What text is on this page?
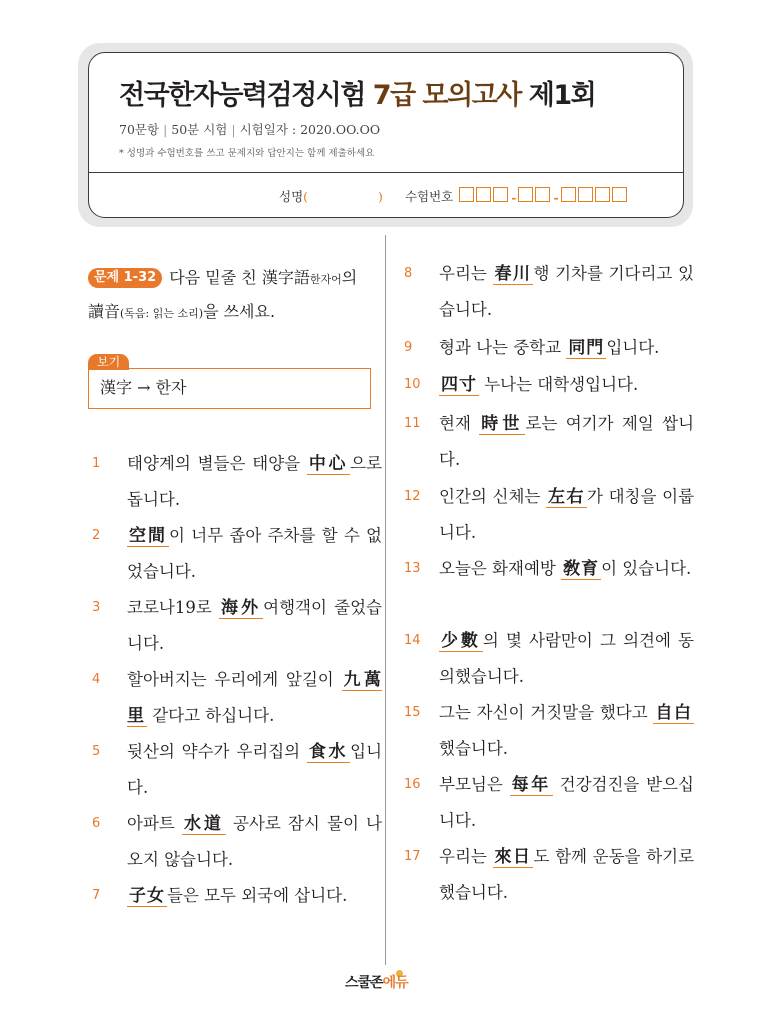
전국한자능력검정시험 7급 모의고사 제1회
70문항 | 50분 시험 | 시험일자 : 2020.OO.OO
* 성명과 수험번호를 쓰고 문제지와 답안지는 함께 제출하세요
성명 (	) 수험번호	-	-
문제 1-32 다음 밑줄 친 漢字語한자어의 讀音(독음: 읽는 소리)을 쓰세요.
보기
漢字 → 한자
1 태양계의 별들은 태양을 中心 으로 돕니다.
2 空間 이 너무 좁아 주차를 할 수 없었습니다.
3 코로나19로 海外 여행객이 줄었습니다.
4 할아버지는 우리에게 앞길이 九萬里 같다고 하십니다.
5 뒷산의 약수가 우리집의 食水 입니다.
6 아파트 水道 공사로 잠시 물이 나오지 않습니다.
7 子女 들은 모두 외국에 삽니다.
8 우리는 春川 행 기차를 기다리고 있습니다.
9 형과 나는 중학교 同門 입니다.
10 四寸 누나는 대학생입니다.
11 현재 時世 로는 여기가 제일 쌉니다.
12 인간의 신체는 左右 가 대칭을 이룹니다.
13 오늘은 화재예방 敎育 이 있습니다.
14 少數 의 몇 사람만이 그 의견에 동의했습니다.
15 그는 자신이 거짓말을 했다고 自白했습니다.
16 부모님은 每年 건강검진을 받으십니다.
17 우리는 來日 도 함께 운동을 하기로 했습니다.
스쿨존에듀
